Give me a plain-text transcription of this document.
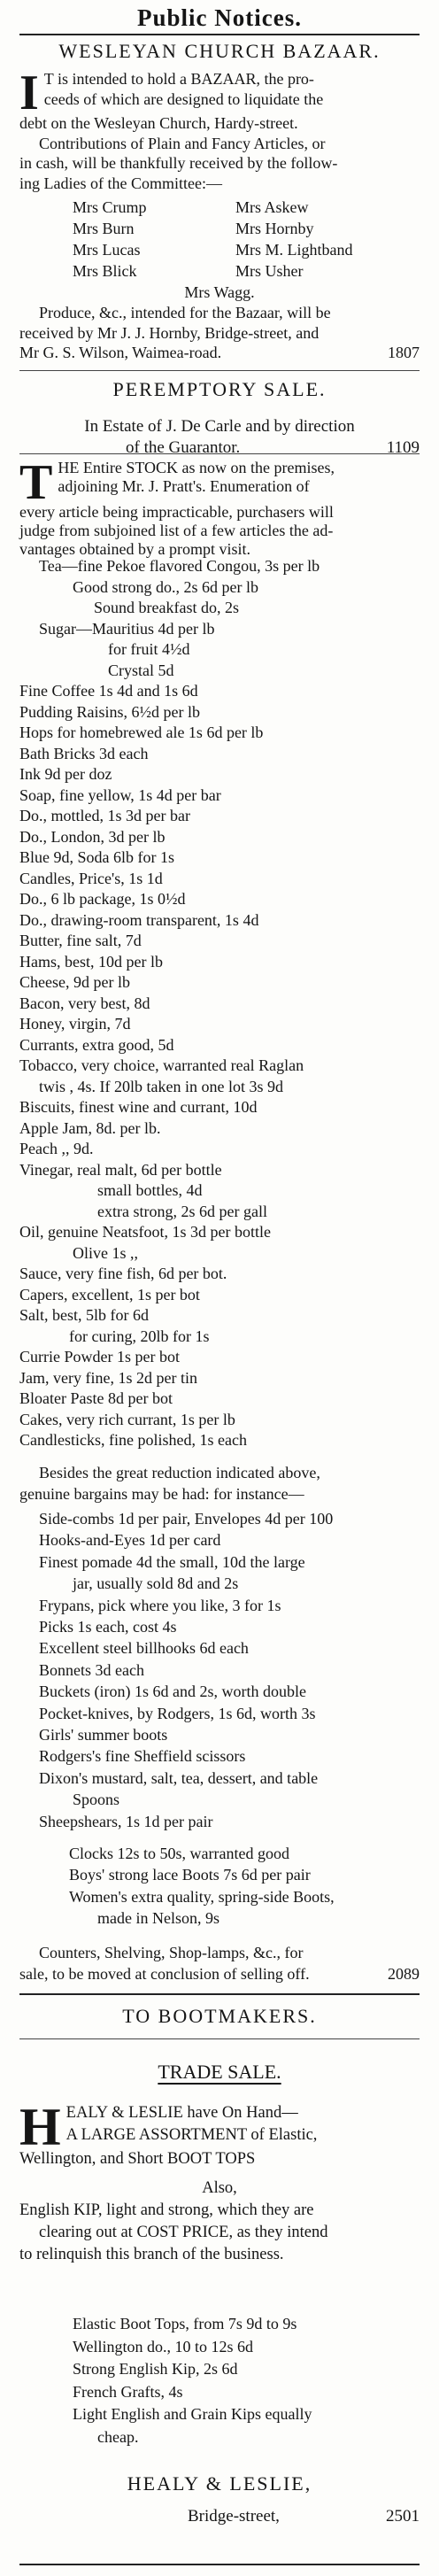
Public Notices.

WESLEYAN CHURCH BAZAAR.

I T is intended to hold a BAZAAR, the pro-

ceeds of which are designed to liquidate the

debt on the Wesleyan Church, Hardy-street.

Contributions of Plain and Fancy Articles, or

in cash, will be thankfully received by the follow-

ing Ladies of the Committee:—

Mrs Crump	Mrs Askew
Mrs Burn	Mrs Hornby
Mrs Lucas	Mrs M. Lightband
Mrs Blick	Mrs Usher

Mrs Wagg.

Produce, &c., intended for the Bazaar, will be

received by Mr J. J. Hornby, Bridge-street, and

Mr G. S. Wilson, Waimea-road.	1807

PEREMPTORY SALE.

In Estate of J. De Carle and by direction

of the Guarantor.	1109

T HE Entire STOCK as now on the premises,

adjoining Mr. J. Pratt's. Enumeration of

every article being impracticable, purchasers will

judge from subjoined list of a few articles the ad-

vantages obtained by a prompt visit.

Tea—fine Pekoe flavored Congou, 3s per lb

Good strong do., 2s 6d per lb

Sound breakfast do, 2s

Sugar—Mauritius 4d per lb

for fruit 4½d

Crystal 5d

Fine Coffee 1s 4d and 1s 6d

Pudding Raisins, 6½d per lb

Hops for homebrewed ale 1s 6d per lb

Bath Bricks 3d each

Ink 9d per doz

Soap, fine yellow, 1s 4d per bar

Do., mottled, 1s 3d per bar

Do., London, 3d per lb

Blue 9d, Soda 6lb for 1s

Candles, Price's, 1s 1d

Do., 6 lb package, 1s 0½d

Do., drawing-room transparent, 1s 4d

Butter, fine salt, 7d

Hams, best, 10d per lb

Cheese, 9d per lb

Bacon, very best, 8d

Honey, virgin, 7d

Currants, extra good, 5d

Tobacco, very choice, warranted real Raglan

twis , 4s. If 20lb taken in one lot 3s 9d

Biscuits, finest wine and currant, 10d

Apple Jam, 8d. per lb.

Peach ,, 9d.

Vinegar, real malt, 6d per bottle

small bottles, 4d

extra strong, 2s 6d per gall

Oil, genuine Neatsfoot, 1s 3d per bottle

Olive 1s ,,

Sauce, very fine fish, 6d per bot.

Capers, excellent, 1s per bot

Salt, best, 5lb for 6d

for curing, 20lb for 1s

Currie Powder 1s per bot

Jam, very fine, 1s 2d per tin

Bloater Paste 8d per bot

Cakes, very rich currant, 1s per lb

Candlesticks, fine polished, 1s each

Besides the great reduction indicated above,

genuine bargains may be had: for instance—

Side-combs 1d per pair, Envelopes 4d per 100

Hooks-and-Eyes 1d per card

Finest pomade 4d the small, 10d the large

jar, usually sold 8d and 2s

Frypans, pick where you like, 3 for 1s

Picks 1s each, cost 4s

Excellent steel billhooks 6d each

Bonnets 3d each

Buckets (iron) 1s 6d and 2s, worth double

Pocket-knives, by Rodgers, 1s 6d, worth 3s

Girls' summer boots

Rodgers's fine Sheffield scissors

Dixon's mustard, salt, tea, dessert, and table

Spoons

Sheepshears, 1s 1d per pair

Clocks 12s to 50s, warranted good

Boys' strong lace Boots 7s 6d per pair

Women's extra quality, spring-side Boots,

made in Nelson, 9s

Counters, Shelving, Shop-lamps, &c., for

sale, to be moved at conclusion of selling off.	2089

TO BOOTMAKERS.

TRADE SALE.

H EALY & LESLIE have On Hand—

A LARGE ASSORTMENT of Elastic,

Wellington, and Short BOOT TOPS

Also,

English KIP, light and strong, which they are

clearing out at COST PRICE, as they intend

to relinquish this branch of the business.

Elastic Boot Tops, from 7s 9d to 9s

Wellington do., 10 to 12s 6d

Strong English Kip, 2s 6d

French Grafts, 4s

Light English and Grain Kips equally

cheap.

HEALY & LESLIE,

Bridge-street,	2501
